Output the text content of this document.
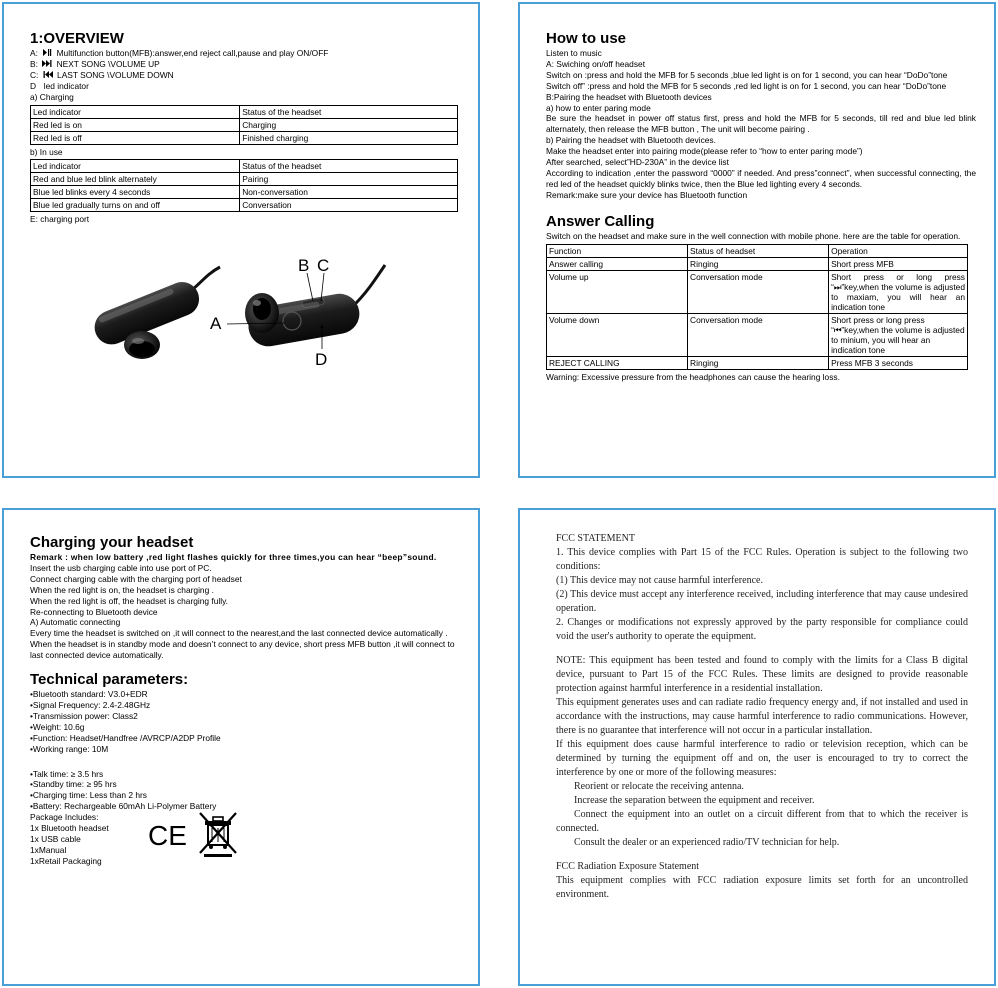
1:OVERVIEW
A: Multifunction button(MFB):answer,end reject call,pause and play ON/OFF
B: NEXT SONG \VOLUME UP
C: LAST SONG \VOLUME DOWN
D led indicator
a) Charging
Led indicator	Status of the headset
Red led is on	Charging
Red led is off	Finished charging
b) In use
Led indicator	Status of the headset
Red and blue led blink alternately	Pairing
Blue led blinks every 4 seconds	Non-conversation
Blue led gradually turns on and off	Conversation
E: charging port
A
B C
D
How to use
Listen to music
A: Swiching on/off headset
Switch on :press and hold the MFB for 5 seconds ,blue led light is on for 1 second, you can hear “DoDo”tone
Switch off” :press and hold the MFB for 5 seconds ,red led light is on for 1 second, you can hear “DoDo”tone
B:Pairing the headset with Bluetooth devices
a) how to enter paring mode
Be sure the headset in power off status first, press and hold the MFB for 5 seconds, till red and blue led blink alternately, then release the MFB button , The unit will become pairing .
b) Pairing the headset with Bluetooth devices.
Make the headset enter into pairing mode(please refer to “how to enter paring mode”)
After searched, select”HD-230A” in the device list
According to indication ,enter the password “0000” if needed. And press”connect”, when successful connecting, the red led of the headset quickly blinks twice, then the Blue led lighting every 4 seconds.
Remark:make sure your device has Bluetooth function
Answer Calling
Switch on the headset and make sure in the well connection with mobile phone. here are the table for operation.
Function	Status of headset	Operation
Answer calling	Ringing	Short press MFB
Volume up	Conversation mode	Short press or long press “⏭”key,when the volume is adjusted to maxiam, you will hear an indication tone
Volume down	Conversation mode	Short press or long press “⏮”key,when the volume is adjusted to minium, you will hear an indication tone
REJECT CALLING	Ringing	Press MFB 3 seconds
Warning: Excessive pressure from the headphones can cause the hearing loss.
Charging your headset
Remark : when low battery ,red light flashes quickly for three times,you can hear “beep”sound.
Insert the usb charging cable into use port of PC.
Connect charging cable with the charging port of headset
When the red light is on, the headset is charging .
When the red light is off, the headset is charging fully.
Re-connecting to Bluetooth device
A) Automatic connecting
Every time the headset is switched on ,it will connect to the nearest,and the last connected device automatically .
When the headset is in standby mode and doesn’t connect to any device, short press MFB button ,it will connect to last connected device automatically.
Technical parameters:
•Bluetooth standard: V3.0+EDR
•Signal Frequency: 2.4-2.48GHz
•Transmission power: Class2
•Weight: 10.6g
•Function: Headset/Handfree /AVRCP/A2DP Profile
•Working range: 10M
•Talk time: ≥ 3.5 hrs
•Standby time: ≥ 95 hrs
•Charging time: Less than 2 hrs
•Battery: Rechargeable 60mAh Li-Polymer Battery
Package Includes:
1x Bluetooth headset
1x USB cable
1xManual
1xRetail Packaging
CE
FCC STATEMENT
1. This device complies with Part 15 of the FCC Rules. Operation is subject to the following two conditions:
(1) This device may not cause harmful interference.
(2) This device must accept any interference received, including interference that may cause undesired operation.
2. Changes or modifications not expressly approved by the party responsible for compliance could void the user's authority to operate the equipment.
NOTE: This equipment has been tested and found to comply with the limits for a Class B digital device, pursuant to Part 15 of the FCC Rules. These limits are designed to provide reasonable protection against harmful interference in a residential installation.
This equipment generates uses and can radiate radio frequency energy and, if not installed and used in accordance with the instructions, may cause harmful interference to radio communications. However, there is no guarantee that interference will not occur in a particular installation.
If this equipment does cause harmful interference to radio or television reception, which can be determined by turning the equipment off and on, the user is encouraged to try to correct the interference by one or more of the following measures:
Reorient or relocate the receiving antenna.
Increase the separation between the equipment and receiver.
Connect the equipment into an outlet on a circuit different from that to which the receiver is connected.
Consult the dealer or an experienced radio/TV technician for help.
FCC Radiation Exposure Statement
This equipment complies with FCC radiation exposure limits set forth for an uncontrolled environment.
